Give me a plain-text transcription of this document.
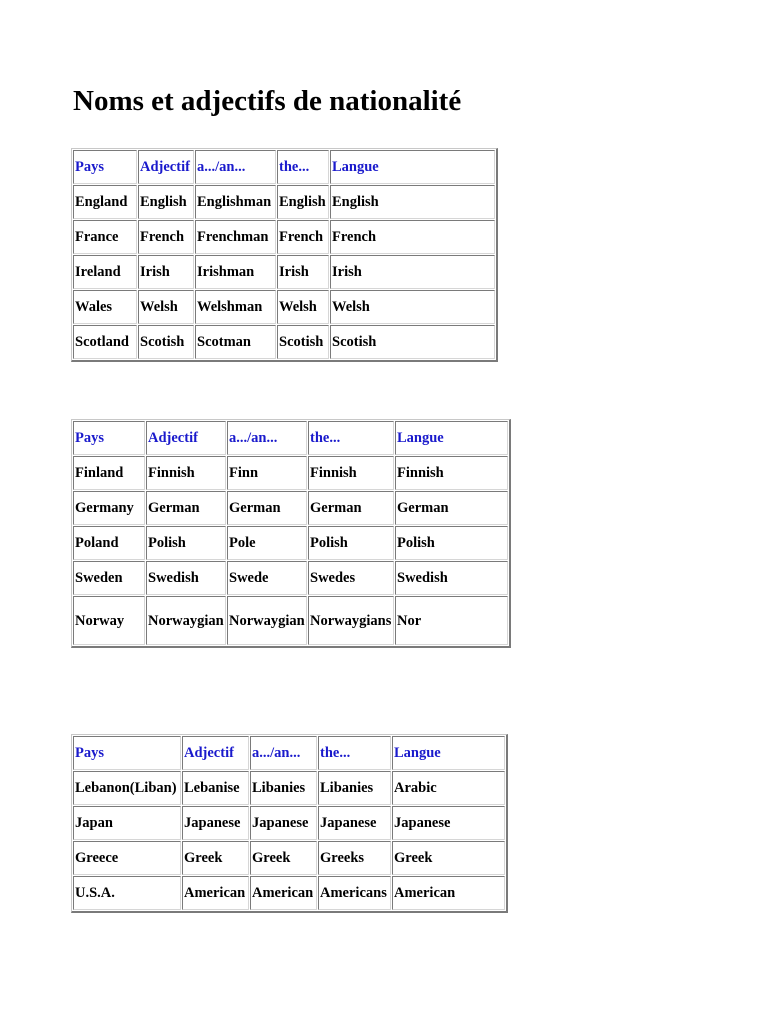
Noms et adjectifs de nationalité
Pays	Adjectif	a.../an...	the...	Langue
England	English	Englishman	English	English
France	French	Frenchman	French	French
Ireland	Irish	Irishman	Irish	Irish
Wales	Welsh	Welshman	Welsh	Welsh
Scotland	Scotish	Scotman	Scotish	Scotish
Pays	Adjectif	a.../an...	the...	Langue
Finland	Finnish	Finn	Finnish	Finnish
Germany	German	German	German	German
Poland	Polish	Pole	Polish	Polish
Sweden	Swedish	Swede	Swedes	Swedish
Norway	Norwaygian	Norwaygian	Norwaygians	Nor
Pays	Adjectif	a.../an...	the...	Langue
Lebanon(Liban)	Lebanise	Libanies	Libanies	Arabic
Japan	Japanese	Japanese	Japanese	Japanese
Greece	Greek	Greek	Greeks	Greek
U.S.A.	American	American	Americans	American
